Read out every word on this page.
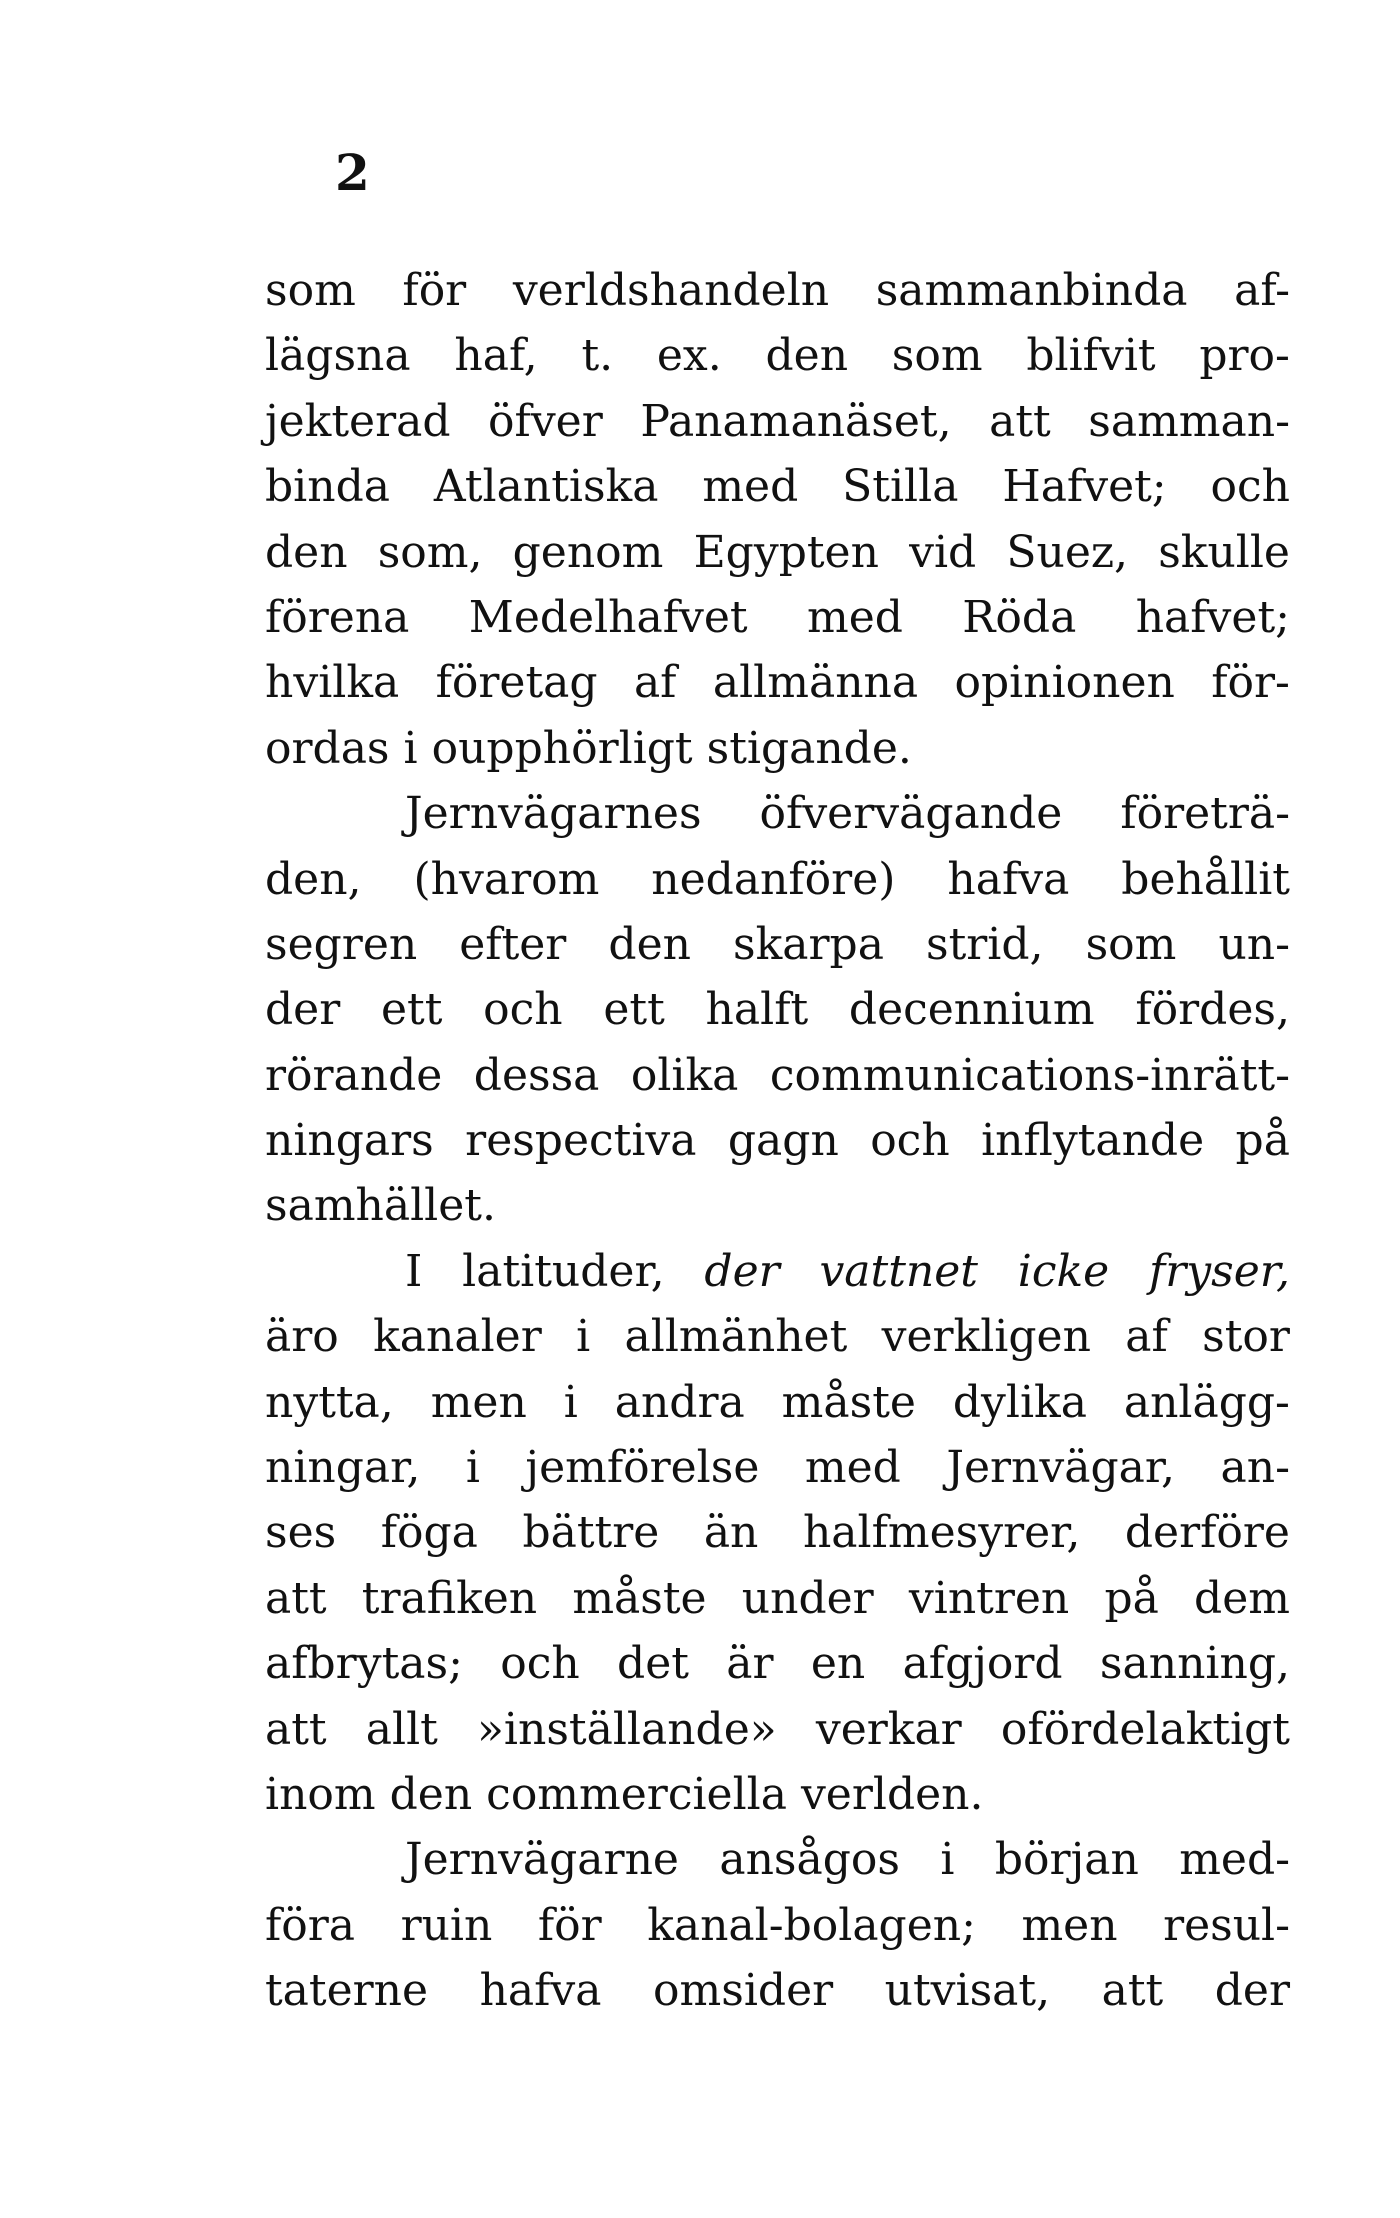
2
som för verldshandeln sammanbinda af-
lägsna haf, t. ex. den som blifvit pro-
jekterad öfver Panamanäset, att samman-
binda Atlantiska med Stilla Hafvet; och
den som, genom Egypten vid Suez, skulle
förena Medelhafvet med Röda hafvet;
hvilka företag af allmänna opinionen för-
ordas i oupphörligt stigande.
Jernvägarnes öfvervägande företrä-
den, (hvarom nedanföre) hafva behållit
segren efter den skarpa strid, som un-
der ett och ett halft decennium fördes,
rörande dessa olika communications-inrätt-
ningars respectiva gagn och inflytande på
samhället.
I latituder, der vattnet icke fryser,
äro kanaler i allmänhet verkligen af stor
nytta, men i andra måste dylika anlägg-
ningar, i jemförelse med Jernvägar, an-
ses föga bättre än halfmesyrer, derföre
att trafiken måste under vintren på dem
afbrytas; och det är en afgjord sanning,
att allt »inställande» verkar ofördelaktigt
inom den commerciella verlden.
Jernvägarne ansågos i början med-
föra ruin för kanal-bolagen; men resul-
taterne hafva omsider utvisat, att der
